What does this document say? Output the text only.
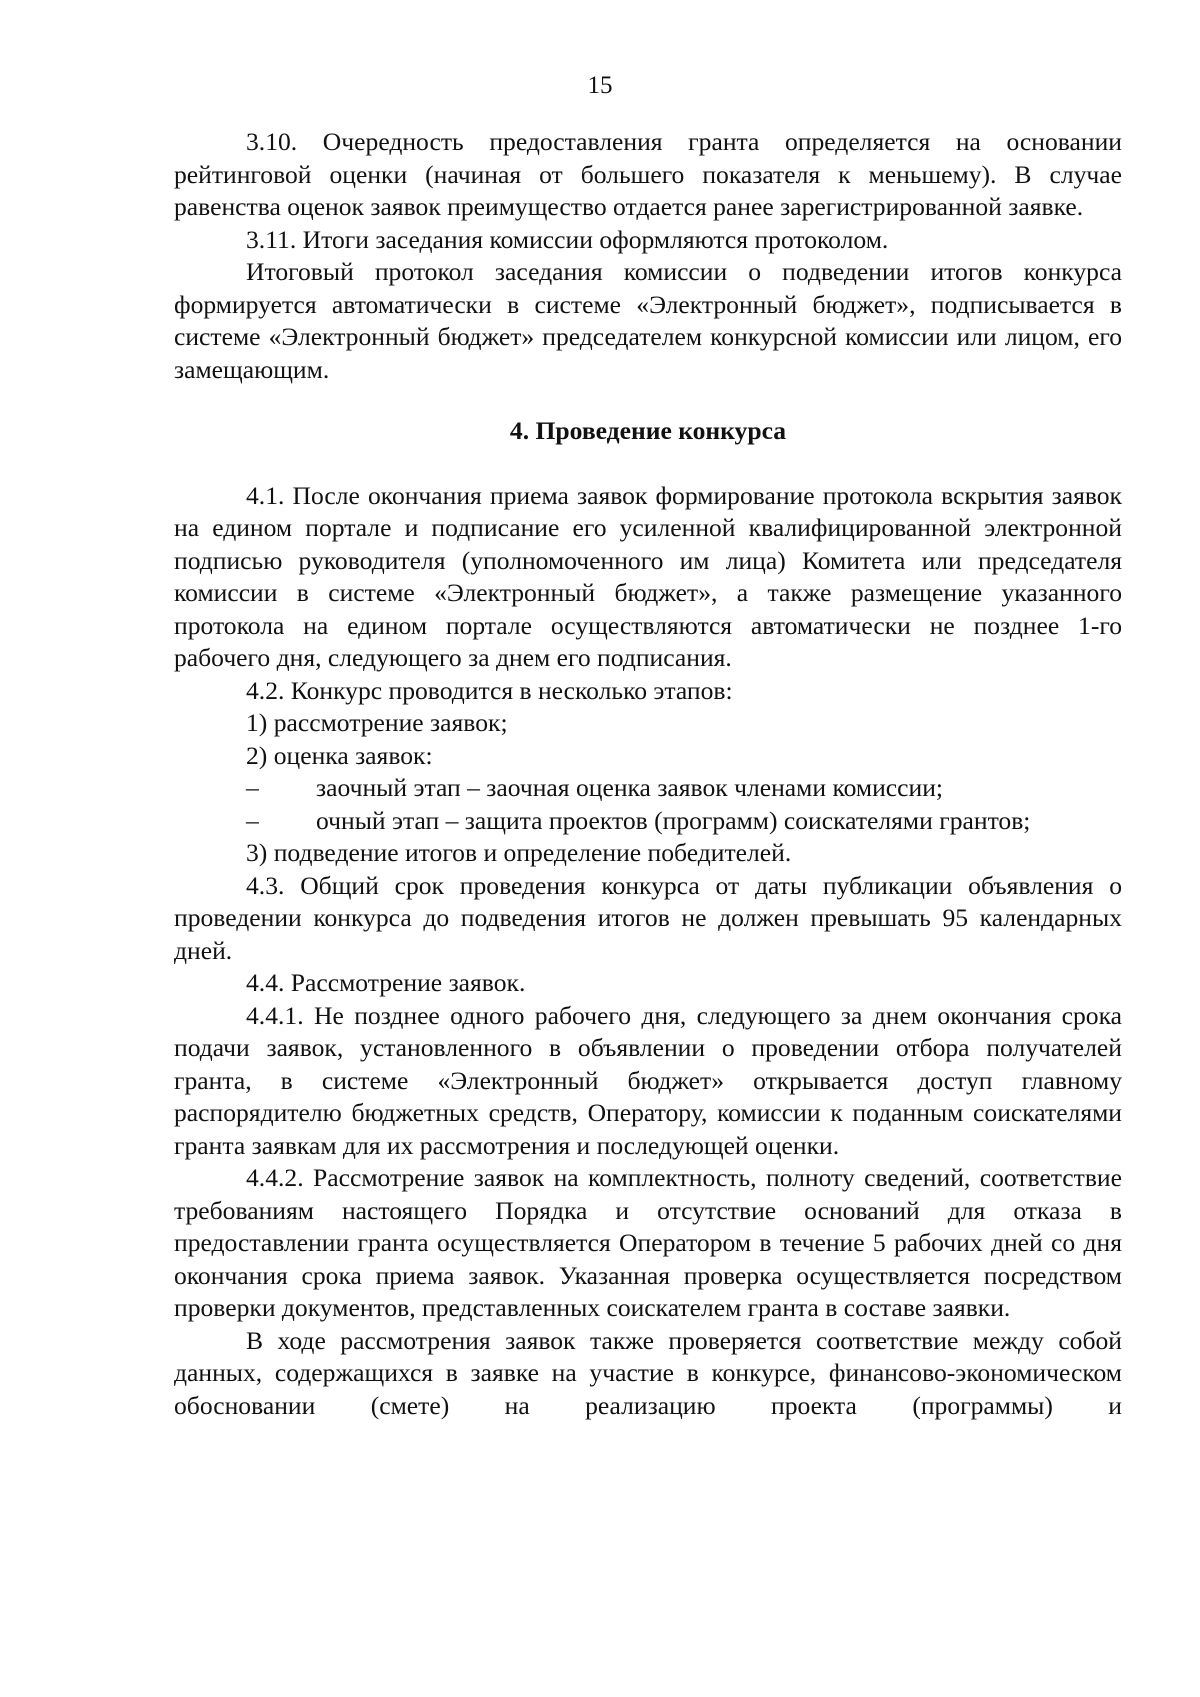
15

3.10. Очередность предоставления гранта определяется на основании рейтинговой оценки (начиная от большего показателя к меньшему). В случае равенства оценок заявок преимущество отдается ранее зарегистрированной заявке.

3.11. Итоги заседания комиссии оформляются протоколом.

Итоговый протокол заседания комиссии о подведении итогов конкурса формируется автоматически в системе «Электронный бюджет», подписывается в системе «Электронный бюджет» председателем конкурсной комиссии или лицом, его замещающим.

4. Проведение конкурса

4.1. После окончания приема заявок формирование протокола вскрытия заявок на едином портале и подписание его усиленной квалифицированной электронной подписью руководителя (уполномоченного им лица) Комитета или председателя комиссии в системе «Электронный бюджет», а также размещение указанного протокола на едином портале осуществляются автоматически не позднее 1-го рабочего дня, следующего за днем его подписания.

4.2. Конкурс проводится в несколько этапов:

1) рассмотрение заявок;

2) оценка заявок:

– заочный этап – заочная оценка заявок членами комиссии;

– очный этап – защита проектов (программ) соискателями грантов;

3) подведение итогов и определение победителей.

4.3. Общий срок проведения конкурса от даты публикации объявления о проведении конкурса до подведения итогов не должен превышать 95 календарных дней.

4.4. Рассмотрение заявок.

4.4.1. Не позднее одного рабочего дня, следующего за днем окончания срока подачи заявок, установленного в объявлении о проведении отбора получателей гранта, в системе «Электронный бюджет» открывается доступ главному распорядителю бюджетных средств, Оператору, комиссии к поданным соискателями гранта заявкам для их рассмотрения и последующей оценки.

4.4.2. Рассмотрение заявок на комплектность, полноту сведений, соответствие требованиям настоящего Порядка и отсутствие оснований для отказа в предоставлении гранта осуществляется Оператором в течение 5 рабочих дней со дня окончания срока приема заявок. Указанная проверка осуществляется посредством проверки документов, представленных соискателем гранта в составе заявки.

В ходе рассмотрения заявок также проверяется соответствие между собой данных, содержащихся в заявке на участие в конкурсе, финансово-экономическом обосновании (смете) на реализацию проекта (программы) и
